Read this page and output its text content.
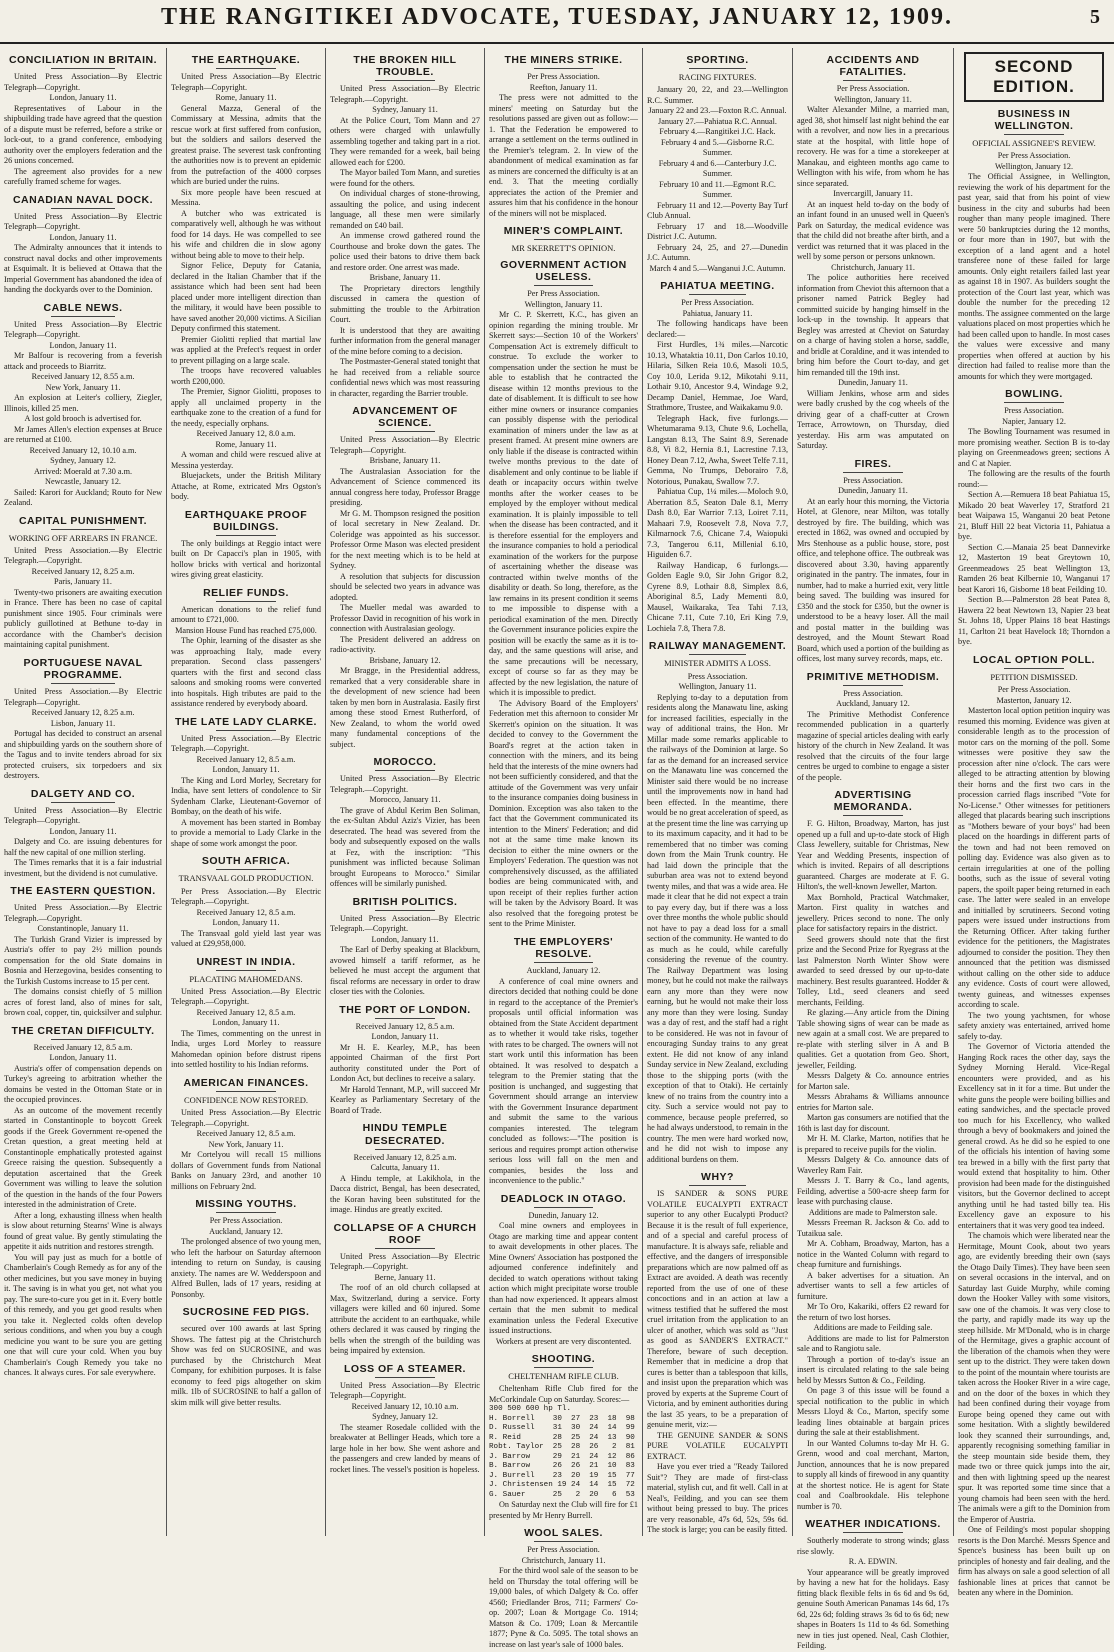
THE RANGITIKEI ADVOCATE, TUESDAY, JANUARY 12, 1909.	5
CONCILIATION IN BRITAIN.
United Press Association—By Electric Telegraph—Copyright.
London, January 11.
Representatives of Labour in the shipbuilding trade have agreed that the question of a dispute must be referred, before a strike or lock-out, to a grand conference, embodying authority over the employers federation and the 26 unions concerned.
The agreement also provides for a new carefully framed scheme for wages.
CANADIAN NAVAL DOCK.
United Press Association—By Electric Telegraph—Copyright.
London, January 11.
The Admiralty announces that it intends to construct naval docks and other improvements at Esquimalt. It is believed at Ottawa that the Imperial Government has abandoned the idea of handing the dockyards over to the Dominion.
CABLE NEWS.
United Press Association—By Electric Telegraph—Copyright.
London, January 11.
Mr Balfour is recovering from a feverish attack and proceeds to Biarritz.
Received January 12, 8.55 a.m.
New York, January 11.
An explosion at Leiter's colliery, Ziegler, Illinois, killed 25 men.
A lost gold brooch is advertised for.
Mr James Allen's election expenses at Bruce are returned at £100.
Received January 12, 10.10 a.m.
Sydney, January 12.
Arrived: Moerald at 7.30 a.m.
Newcastle, January 12.
Sailed: Karori for Auckland; Routo for New Zealand.
CAPITAL PUNISHMENT.
WORKING OFF ARREARS IN FRANCE.
United Press Association.—By Electric Telegraph.—Copyright.
Received January 12, 8.25 a.m.
Paris, January 11.
Twenty-two prisoners are awaiting execution in France. There has been no case of capital punishment since 1905. Four criminals were publicly guillotined at Bethune to-day in accordance with the Chamber's decision maintaining capital punishment.
PORTUGUESE NAVAL PROGRAMME.
United Press Association.—By Electric Telegraph—Copyright.
Received January 12, 8.25 a.m.
Lisbon, January 11.
Portugal has decided to construct an arsenal and shipbuilding yards on the southern shore of the Tagus and to invite tenders abroad for six protected cruisers, six torpedoers and six destroyers.
DALGETY AND CO.
United Press Association—By Electric Telegraph—Copyright.
London, January 11.
Dalgety and Co. are issuing debentures for half the new capital of one million sterling.
The Times remarks that it is a fair industrial investment, but the dividend is not cumulative.
THE EASTERN QUESTION.
United Press Association.—By Electric Telegraph.—Copyright.
Constantinople, January 11.
The Turkish Grand Vizier is impressed by Austria's offer to pay 2½ million pounds compensation for the old State domains in Bosnia and Herzegovina, besides consenting to the Turkish Customs increase to 15 per cent.
The domains consist chiefly of 5 million acres of forest land, also of mines for salt, brown coal, copper, tin, quicksilver and sulphur.
THE CRETAN DIFFICULTY.
Received January 12, 8.5 a.m.
London, January 11.
Austria's offer of compensation depends on Turkey's agreeing to arbitration whether the domains be vested in the Ottoman State or in the occupied provinces.
As an outcome of the movement recently started in Constantinople to boycott Greek goods if the Greek Government re-opened the Cretan question, a great meeting held at Constantinople emphatically protested against Greece raising the question. Subsequently a deputation ascertained that the Greek Government was willing to leave the solution of the question in the hands of the four Powers interested in the administration of Crete.
After a long, exhausting illness when health is slow about returning Stearns' Wine is always found of great value. By gently stimulating the appetite it aids nutrition and restores strength.
You will pay just as much for a bottle of Chamberlain's Cough Remedy as for any of the other medicines, but you save money in buying it. The saving is in what you get, not what you pay. The sure-to-cure you get in it. Every bottle of this remedy, and you get good results when you take it. Neglected colds often develop serious conditions, and when you buy a cough medicine you want to be sure you are getting one that will cure your cold. When you buy Chamberlain's Cough Remedy you take no chances. It always cures. For sale everywhere.
THE EARTHQUAKE.
United Press Association—By Electric Telegraph—Copyright.
Rome, January 11.
General Mazza, General of the Commissary at Messina, admits that the rescue work at first suffered from confusion, but the soldiers and sailors deserved the greatest praise. The severest task confronting the authorities now is to prevent an epidemic from the putrefaction of the 4000 corpses which are buried under the ruins.
Six more people have been rescued at Messina.
A butcher who was extricated is comparatively well, although he was without food for 14 days. He was compelled to see his wife and children die in slow agony without being able to move to their help.
Signor Felice, Deputy for Catania, declared in the Italian Chamber that if the assistance which had been sent had been placed under more intelligent direction than the military, it would have been possible to have saved another 20,000 victims. A Sicilian Deputy confirmed this statement.
Premier Giolitti replied that martial law was applied at the Prefect's request in order to prevent pillaging on a large scale.
The troops have recovered valuables worth £200,000.
The Premier, Signor Giolitti, proposes to apply all unclaimed property in the earthquake zone to the creation of a fund for the needy, especially orphans.
Received January 12, 8.0 a.m.
Rome, January 11.
A woman and child were rescued alive at Messina yesterday.
Bluejackets, under the British Military Attache, at Rome, extricated Mrs Ogston's body.
EARTHQUAKE PROOF BUILDINGS.
The only buildings at Reggio intact were built on Dr Capacci's plan in 1905, with hollow bricks with vertical and horizontal wires giving great elasticity.
RELIEF FUNDS.
American donations to the relief fund amount to £721,000.
Mansion House Fund has reached £75,000.
The Ophir, learning of the disaster as she was approaching Italy, made every preparation. Second class passengers' quarters with the first and second class saloons and smoking rooms were converted into hospitals. High tributes are paid to the assistance rendered by everybody aboard.
THE LATE LADY CLARKE.
United Press Association.—By Electric Telegraph.—Copyright.
Received January 12, 8.5 a.m.
London, January 11.
The King and Lord Morley, Secretary for India, have sent letters of condolence to Sir Sydenham Clarke, Lieutenant-Governor of Bombay, on the death of his wife.
A movement has been started in Bombay to provide a memorial to Lady Clarke in the shape of some work amongst the poor.
SOUTH AFRICA.
TRANSVAAL GOLD PRODUCTION.
Per Press Association.—By Electric Telegraph.—Copyright.
Received January 12, 8.5 a.m.
London, January 11.
The Transvaal gold yield last year was valued at £29,958,000.
UNREST IN INDIA.
PLACATING MAHOMEDANS.
United Press Association.—By Electric Telegraph.—Copyright.
Received January 12, 8.5 a.m.
London, January 11.
The Times, commenting on the unrest in India, urges Lord Morley to reassure Mahomedan opinion before distrust ripens into settled hostility to his Indian reforms.
AMERICAN FINANCES.
CONFIDENCE NOW RESTORED.
United Press Association.—By Electric Telegraph.—Copyright.
Received January 12, 8.5 a.m.
New York, January 11.
Mr Cortelyou will recall 15 millions dollars of Government funds from National Banks on January 23rd, and another 10 millions on February 2nd.
MISSING YOUTHS.
Per Press Association.
Auckland, January 12.
The prolonged absence of two young men, who left the harbour on Saturday afternoon intending to return on Sunday, is causing anxiety. The names are W. Wedderspoon and Alfred Bullen, lads of 17 years, residing at Ponsonby.
SUCROSINE FED PIGS.
secured over 100 awards at last Spring Shows. The fattest pig at the Christchurch Show was fed on SUCROSINE, and was purchased by the Christchurch Meat Company, for exhibition purposes. It is false economy to feed pigs altogether on skim milk. 1lb of SUCROSINE to half a gallon of skim milk will give better results.
THE BROKEN HILL TROUBLE.
United Press Association—By Electric Telegraph.—Copyright.
Sydney, January 11.
At the Police Court, Tom Mann and 27 others were charged with unlawfully assembling together and taking part in a riot. They were remanded for a week, bail being allowed each for £200.
The Mayor bailed Tom Mann, and sureties were found for the others.
On individual charges of stone-throwing, assaulting the police, and using indecent language, all these men were similarly remanded on £40 bail.
An immense crowd gathered round the Courthouse and broke down the gates. The police used their batons to drive them back and restore order. One arrest was made.
Brisbane, January 11.
The Proprietary directors lengthily discussed in camera the question of submitting the trouble to the Arbitration Court.
It is understood that they are awaiting further information from the general manager of the mine before coming to a decision.
The Postmaster-General stated tonight that he had received from a reliable source confidential news which was most reassuring in character, regarding the Barrier trouble.
ADVANCEMENT OF SCIENCE.
United Press Association—By Electric Telegraph—Copyright.
Brisbane, January 11.
The Australasian Association for the Advancement of Science commenced its annual congress here today, Professor Bragge presiding.
Mr G. M. Thompson resigned the position of local secretary in New Zealand. Dr. Coleridge was appointed as his successor. Professor Orme Mason was elected president for the next meeting which is to be held at Sydney.
A resolution that subjects for discussion should be selected two years in advance was adopted.
The Mueller medal was awarded to Professor David in recognition of his work in connection with Australasian geology.
The President delivered an address on radio-activity.
Brisbane, January 12.
Mr Bragge, in the Presidential address, remarked that a very considerable share in the development of new science had been taken by men born in Australasia. Easily first among these stood Ernest Rutherford, of New Zealand, to whom the world owed many fundamental conceptions of the subject.
MOROCCO.
United Press Association—By Electric Telegraph.—Copyright.
Morocco, January 11.
The grave of Abdul Kerim Ben Soliman, the ex-Sultan Abdul Aziz's Vizier, has been desecrated. The head was severed from the body and subsequently exposed on the walls at Fez, with the inscription: "This punishment was inflicted because Soliman brought Europeans to Morocco." Similar offences will be similarly punished.
BRITISH POLITICS.
United Press Association—By Electric Telegraph.—Copyright.
London, January 11.
The Earl of Derby speaking at Blackburn, avowed himself a tariff reformer, as he believed he must accept the argument that fiscal reforms are necessary in order to draw closer ties with the Colonies.
THE PORT OF LONDON.
Received January 12, 8.5 a.m.
London, January 11.
Mr H. E. Kearley, M.P., has been appointed Chairman of the first Port authority constituted under the Port of London Act, but declines to receive a salary.
Mr Harold Tennant, M.P., will succeed Mr Kearley as Parliamentary Secretary of the Board of Trade.
HINDU TEMPLE DESECRATED.
Received January 12, 8.25 a.m.
Calcutta, January 11.
A Hindu temple, at Lakikhola, in the Dacca district, Bengal, has been desecrated, the Koran having been substituted for the image. Hindus are greatly excited.
COLLAPSE OF A CHURCH ROOF
United Press Association—By Electric Telegraph.—Copyright.
Berne, January 11.
The roof of an old church collapsed at Max, Switzerland, during a service. Forty villagers were killed and 60 injured. Some attribute the accident to an earthquake, while others declared it was caused by ringing the bells when the strength of the building was being impaired by extension.
LOSS OF A STEAMER.
United Press Association—By Electric Telegraph—Copyright.
Received January 12, 10.10 a.m.
Sydney, January 12.
The steamer Rosedale collided with the breakwater at Bellinger Heads, which tore a large hole in her bow. She went ashore and the passengers and crew landed by means of rocket lines. The vessel's position is hopeless.
THE MINERS STRIKE.
Per Press Association.
Reefton, January 11.
The press were not admitted to the miners' meeting on Saturday but the resolutions passed are given out as follow:—1. That the Federation be empowered to arrange a settlement on the terms outlined in the Premier's telegram. 2. In view of the abandonment of medical examination as far as miners are concerned the difficulty is at an end. 3. That the meeting cordially appreciates the action of the Premier and assures him that his confidence in the honour of the miners will not be misplaced.
MINER'S COMPLAINT.
MR SKERRETT'S OPINION.
GOVERNMENT ACTION USELESS.
Per Press Association.
Wellington, January 11.
Mr C. P. Skerrett, K.C., has given an opinion regarding the mining trouble. Mr Skerrett says:—Section 10 of the Workers' Compensation Act is extremely difficult to construe. To exclude the worker to compensation under the section he must be able to establish that he contracted the disease within 12 months previous to the date of disablement. It is difficult to see how either mine owners or insurance companies can possibly dispense with the periodical examination of miners under the law as at present framed. At present mine owners are only liable if the disease is contracted within twelve months previous to the date of disablement and only continue to be liable if death or incapacity occurs within twelve months after the worker ceases to be employed by the employer without medical examination. It is plainly impossible to tell when the disease has been contracted, and it is therefore essential for the employers and the insurance companies to hold a periodical examination of the workers for the purpose of ascertaining whether the disease was contracted within twelve months of the disability or death. So long, therefore, as the law remains in its present condition it seems to me impossible to dispense with a periodical examination of the men. Directly the Government insurance policies expire the position will be exactly the same as it is to-day, and the same questions will arise, and the same precautions will be necessary, except of course so far as they may be affected by the new legislation, the nature of which it is impossible to predict.
The Advisory Board of the Employers' Federation met this afternoon to consider Mr Skerrett's opinion on the situation. It was decided to convey to the Government the Board's regret at the action taken in connection with the miners, and its being held that the interests of the mine owners had not been sufficiently considered, and that the attitude of the Government was very unfair to the insurance companies doing business in Dominion. Exception was also taken to the fact that the Government communicated its intention to the Miners' Federation; and did not at the same time make known its decision to either the mine owners or the Employers' Federation. The question was not comprehensively discussed, as the affiliated bodies are being communicated with, and upon receipt of their replies further action will be taken by the Advisory Board. It was also resolved that the foregoing protest be sent to the Prime Minister.
THE EMPLOYERS' RESOLVE.
Auckland, January 12.
A conference of coal mine owners and directors decided that nothing could be done in regard to the acceptance of the Premier's proposals until official information was obtained from the State Accident department as to whether it would take risks, together with rates to be charged. The owners will not start work until this information has been obtained. It was resolved to despatch a telegram to the Premier stating that the position is unchanged, and suggesting that Government should arrange an interview with the Government Insurance department and submit the same to the various companies interested. The telegram concluded as follows:—"The position is serious and requires prompt action otherwise serious loss will fall on the men and companies, besides the loss and inconvenience to the public."
DEADLOCK IN OTAGO.
Dunedin, January 12.
Coal mine owners and employees in Otago are marking time and appear content to await developments in other places. The Mine Owners' Association has postponed the adjourned conference indefinitely and decided to watch operations without taking action which might precipitate worse trouble than had now experienced. It appears almost certain that the men submit to medical examination unless the Federal Executive issued instructions.
Workers at present are very discontented.
SHOOTING.
CHELTENHAM RIFLE CLUB.
Cheltenham Rifle Club fired for the McCorkindale Cup on Saturday. Scores:—
300 500 600 hp Tl.
H. Borrell    30  27  23  18  98
D. Russell    31  30  24  14  99
R. Reid       28  25  24  13  90
Robt. Taylor  25  28  26   2  81
J. Barrow     29  21  24  12  86
B. Barrow     26  26  21  10  83
J. Burrell    23  20  19  15  77
J. Christensen 19 24  14  15  72
G. Sauer      25   2  20   6  53
On Saturday next the Club will fire for £1 presented by Mr Henry Burrell.
WOOL SALES.
Per Press Association.
Christchurch, January 11.
For the third wool sale of the season to be held on Thursday the total offering will be 19,000 bales, of which Dalgety & Co. offer 4560; Friedlander Bros, 711; Farmers' Co-op. 2007; Loan & Mortgage Co. 1914; Matson & Co. 1709; Loan & Mercantile 1877; Pyne & Co. 5095. The total shows an increase on last year's sale of 1000 bales.
SPORTING.
RACING FIXTURES.
January 20, 22, and 23.—Wellington R.C. Summer.
January 22 and 23.—Foxton R.C. Annual.
January 27.—Pahiatua R.C. Annual.
February 4.—Rangitikei J.C. Hack.
February 4 and 5.—Gisborne R.C. Summer.
February 4 and 6.—Canterbury J.C. Summer.
February 10 and 11.—Egmont R.C. Summer.
February 11 and 12.—Poverty Bay Turf Club Annual.
February 17 and 18.—Woodville District J.C. Autumn.
February 24, 25, and 27.—Dunedin J.C. Autumn.
March 4 and 5.—Wanganui J.C. Autumn.
PAHIATUA MEETING.
Per Press Association.
Pahiatua, January 11.
The following handicaps have been declared:—
First Hurdles, 1¾ miles.—Narcotic 10.13, Whataktia 10.11, Don Carlos 10.10, Hilaria, Silken Reia 10.6, Masoli 10.5, Coy 10.0, Lerida 9.12, Mikotahi 9.11, Lothair 9.10, Ancestor 9.4, Windage 9.2, Decamp Daniel, Hemmae, Joe Ward, Strathmore, Trustee, and Waikakamu 9.0.
Telegraph Hack, five furlongs.—Whetumarama 9.13, Chute 9.6, Lochella, Langstan 8.13, The Saint 8.9, Serenade 8.8, Vi 8.2, Hernia 8.1, Lacrestine 7.13, Honey Dean 7.12, Awha, Sweet Telfe 7.11, Gemma, No Trumps, Deborairo 7.8, Notorious, Punakau, Swallow 7.7.
Pahiatua Cup, 1¼ miles.—Moloch 9.0, Aberration 8.5, Seaton Dale 8.1, Merry Dash 8.0, Ear Warrior 7.13, Loiret 7.11, Mahaari 7.9, Roosevelt 7.8, Nova 7.7, Kilmarnock 7.6, Chicane 7.4, Waiopuki 7.3, Tangerou 6.11, Millenial 6.10, Higuiden 6.7.
Railway Handicap, 6 furlongs.—Golden Eagle 9.0, Sir John Grigor 8.2, Cyrene 8.9, Lothair 8.8, Simplex 8.6, Aboriginal 8.5, Lady Mementi 8.0, Mausel, Waikaraka, Tea Tahi 7.13, Chicane 7.11, Cute 7.10, Eri King 7.9, Lochiela 7.8, Thera 7.8.
RAILWAY MANAGEMENT.
MINISTER ADMITS A LOSS.
Press Association.
Wellington, January 11.
Replying to-day to a deputation from residents along the Manawatu line, asking for increased facilities, especially in the way of additional trains, the Hon. Mr Millar made some remarks applicable to the railways of the Dominion at large. So far as the demand for an increased service on the Manawatu line was concerned the Minister said there would be no increase until the improvements now in hand had been effected. In the meantime, there would be no great acceleration of speed, as at the present time the line was carrying up to its maximum capacity, and it had to be remembered that no timber was coming down from the Main Trunk country. He had laid down the principle that the suburban area was not to extend beyond twenty miles, and that was a wide area. He made it clear that he did not expect a train to pay every day, but if there was a loss over three months the whole public should not have to pay a dead loss for a small section of the community. He wanted to do as much as he could, while carefully considering the revenue of the country. The Railway Department was losing money, but he could not make the railways earn any more than they were now earning, but he would not make their loss any more than they were losing. Sunday was a day of rest, and the staff had a right to be considered. He was not in favour of encouraging Sunday trains to any great extent. He did not know of any inland Sunday service in New Zealand, excluding those to the shipping ports (with the exception of that to Otaki). He certainly knew of no trains from the country into a city. Such a service would not pay to commence, because people preferred, so he had always understood, to remain in the country. The men were hard worked now, and he did not wish to impose any additional burdens on them.
WHY?
IS SANDER & SONS PURE VOLATILE EUCALYPTI EXTRACT superior to any other Eucalypti Product? Because it is the result of full experience, and of a special and careful process of manufacture. It is always safe, reliable and effective, and the dangers of irresponsible preparations which are now palmed off as Extract are avoided. A death was recently reported from the use of one of these concoctions and in an action at law a witness testified that he suffered the most cruel irritation from the application to an ulcer of another, which was sold as "Just as good as SANDER'S EXTRACT." Therefore, beware of such deception. Remember that in medicine a drop that cures is better than a tablespoon that kills, and insist upon the preparation which was proved by experts at the Supreme Court of Victoria, and by eminent authorities during the last 35 years, to be a preparation of genuine merit, viz:—
THE GENUINE SANDER & SONS PURE VOLATILE EUCALYPTI EXTRACT.
Have you ever tried a "Ready Tailored Suit"? They are made of first-class material, stylish cut, and fit well. Call in at Neal's, Feilding, and you can see them without being pressed to buy. The prices are very reasonable, 47s 6d, 52s, 59s 6d. The stock is large; you can be easily fitted.
ACCIDENTS AND FATALITIES.
Per Press Association.
Wellington, January 11.
Walter Alexander Milne, a married man, aged 38, shot himself last night behind the ear with a revolver, and now lies in a precarious state at the hospital, with little hope of recovery. He was for a time a storekeeper at Manakau, and eighteen months ago came to Wellington with his wife, from whom he has since separated.
Invercargill, January 11.
At an inquest held to-day on the body of an infant found in an unused well in Queen's Park on Saturday, the medical evidence was that the child did not breathe after birth, and a verdict was returned that it was placed in the well by some person or persons unknown.
Christchurch, January 11.
The police authorities here received information from Cheviot this afternoon that a prisoner named Patrick Begley had committed suicide by hanging himself in the lock-up in the township. It appears that Begley was arrested at Cheviot on Saturday on a charge of having stolen a horse, saddle, and bridle at Coraldine, and it was intended to bring him before the Court to-day, and get him remanded till the 19th inst.
Dunedin, January 11.
William Jenkins, whose arm and sides were badly crushed by the cog wheels of the driving gear of a chaff-cutter at Crown Terrace, Arrowtown, on Thursday, died yesterday. His arm was amputated on Saturday.
FIRES.
Press Association.
Dunedin, January 11.
At an early hour this morning, the Victoria Hotel, at Glenore, near Milton, was totally destroyed by fire. The building, which was erected in 1862, was owned and occupied by Mrs Stenhouse as a public house, store, post office, and telephone office. The outbreak was discovered about 3.30, having apparently originated in the pantry. The inmates, four in number, had to make a hurried exit, very little being saved. The building was insured for £350 and the stock for £350, but the owner is understood to be a heavy loser. All the mail and postal matter in the building was destroyed, and the Mount Stewart Road Board, which used a portion of the building as offices, lost many survey records, maps, etc.
PRIMITIVE METHODISM.
Press Association.
Auckland, January 12.
The Primitive Methodist Conference recommended publication in a quarterly magazine of special articles dealing with early history of the church in New Zealand. It was resolved that the circuits of the four large centres be urged to combine to engage a sister of the people.
ADVERTISING MEMORANDA.
F. G. Hilton, Broadway, Marton, has just opened up a full and up-to-date stock of High Class Jewellery, suitable for Christmas, New Year and Wedding Presents, inspection of which is invited. Repairs of all descriptions guaranteed. Charges are moderate at F. G. Hilton's, the well-known Jeweller, Marton.
Max Bornhold, Practical Watchmaker, Marton. First quality in watches and jewellery. Prices second to none. The only place for satisfactory repairs in the district.
Seed growers should note that the first prize and the Second Prize for Ryegrass at the last Palmerston North Winter Show were awarded to seed dressed by our up-to-date machinery. Best results guaranteed. Hodder & Tolley, Ltd., seed cleaners and seed merchants, Feilding.
Re glazing.—Any article from the Dining Table showing signs of wear can be made as new again at a small cost. We are prepared to re-plate with sterling silver in A and B qualities. Get a quotation from Geo. Short, jeweller, Feilding.
Messrs Dalgety & Co. announce entries for Marton sale.
Messrs Abrahams & Williams announce entries for Marton sale.
Marton gas consumers are notified that the 16th is last day for discount.
Mr H. M. Clarke, Marton, notifies that he is prepared to receive pupils for the violin.
Messrs Dalgety & Co. announce dats of Waverley Ram Fair.
Messrs J. T. Barry & Co., land agents, Feilding, advertise a 500-acre sheep farm for lease with purchasing clause.
Additions are made to Palmerston sale.
Messrs Freeman R. Jackson & Co. add to Tutaikua sale.
Mr A. Cobham, Broadway, Marton, has a notice in the Wanted Column with regard to cheap furniture and furnishings.
A baker advertises for a situation. An advertiser wants to sell a few articles of furniture.
Mr To Oro, Kakariki, offers £2 reward for the return of two lost horses.
Additions are made to Feilding sale.
Additions are made to list for Palmerston sale and to Rangiotu sale.
Through a portion of to-day's issue an insert is circulated relating to the sale being held by Messrs Sutton & Co., Feilding.
On page 3 of this issue will be found a special notification to the public in which Messrs Lloyd & Co., Marton, specify some leading lines obtainable at bargain prices during the sale at their establishment.
In our Wanted Columns to-day Mr H. G. Grenn, wood and coal merchant, Marton, Junction, announces that he is now prepared to supply all kinds of firewood in any quantity at the shortest notice. He is agent for State coal and Coalbrookdale. His telephone number is 70.
WEATHER INDICATIONS.
Southerly moderate to strong winds; glass rise slowly.
R. A. EDWIN.
Your appearance will be greatly improved by having a new hat for the holidays. Easy fitting black flexible felts in 6s 6d and 9s 6d, genuine South American Panamas 14s 6d, 17s 6d, 22s 6d; folding straws 3s 6d to 6s 6d; new shapes in Boaters 1s 11d to 4s 6d. Something new in ties just opened. Neal, Cash Clothier, Feilding.
SECOND EDITION.
BUSINESS IN WELLINGTON.
OFFICIAL ASSIGNEE'S REVIEW.
Per Press Association.
Wellington, January 12.
The Official Assignee, in Wellington, reviewing the work of his department for the past year, said that from his point of view business in the city and suburbs had been rougher than many people imagined. There were 50 bankruptcies during the 12 months, or four more than in 1907, but with the exception of a land agent and a hotel transferee none of these failed for large amounts. Only eight retailers failed last year as against 18 in 1907. As builders sought the protection of the Court last year, which was double the number for the preceding 12 months. The assignee commented on the large valuations placed on most properties which he had been called upon to handle. In most cases the values were excessive and many properties when offered at auction by his direction had failed to realise more than the amounts for which they were mortgaged.
BOWLING.
Press Association.
Napier, January 12.
The Bowling Tournament was resumed in more promising weather. Section B is to-day playing on Greenmeadows green; sections A and C at Napier.
The following are the results of the fourth round:—
Section A.—Remuera 18 beat Pahiatua 15, Mikado 20 beat Waverley 17, Stratford 21 beat Waipawa 15, Wanganui 20 beat Petone 21, Bluff Hill 22 beat Victoria 11, Pahiatua a bye.
Section C.—Manaia 25 beat Dannevirke 12, Masterton 19 beat Greytown 10, Greenmeadows 25 beat Wellington 13, Ramden 26 beat Kilbernie 10, Wanganui 17 beat Karori 16, Gisborne 18 beat Feilding 10.
Section B.—Palmerston 28 beat Patea 8, Hawera 22 beat Newtown 13, Napier 23 beat St. Johns 18, Upper Plains 18 beat Hastings 11, Carlton 21 beat Havelock 18; Thorndon a bye.
LOCAL OPTION POLL.
PETITION DISMISSED.
Per Press Association.
Masterton, January 12.
Masterton local option petition inquiry was resumed this morning. Evidence was given at considerable length as to the procession of motor cars on the morning of the poll. Some witnesses were positive they saw the procession after nine o'clock. The cars were alleged to be attracting attention by blowing their horns and the first two cars in the procession carried flags inscribed "Vote for No-License." Other witnesses for petitioners alleged that placards bearing such inscriptions as "Mothers beware of your boys" had been placed on the hoardings in different parts of the town and had not been removed on polling day. Evidence was also given as to certain irregularities at one of the polling booths, such as the issue of several voting papers, the spoilt paper being returned in each case. The latter were sealed in an envelope and initialled by scrutineers. Second voting papers were issued under instructions from the Returning Officer. After taking further evidence for the petitioners, the Magistrates adjourned to consider the position. They then announced that the petition was dismissed without calling on the other side to adduce any evidence. Costs of court were allowed, twenty guineas, and witnesses expenses according to scale.
The two young yachtsmen, for whose safety anxiety was entertained, arrived home safely to-day.
The Governor of Victoria attended the Hanging Rock races the other day, says the Sydney Morning Herald. Vice-Regal encounters were provided, and as his Excellency sat in it for a time. But under the white guns the people were boiling billies and eating sandwiches, and the spectacle proved too much for his Excellency, who walked through a bevy of bookmakers and joined the general crowd. As he did so he espied to one of the officials his intention of having some tea brewed in a billy with the first party that would extend that hospitality to him. Other provision had been made for the distinguished visitors, but the Governor declined to accept anything until he had tasted billy tea. His Excellency gave an exposure to his entertainers that it was very good tea indeed.
The chamois which were liberated near the Hermitage, Mount Cook, about two years ago, are evidently breeding their own (says the Otago Daily Times). They have been seen on several occasions in the interval, and on Saturday last Guide Murphy, while coming down the Hooker Valley with some visitors, saw one of the chamois. It was very close to the party, and rapidly made its way up the steep hillside. Mr M'Donald, who is in charge of the Hermitage, gives a graphic account of the liberation of the chamois when they were sent up to the district. They were taken down to the point of the mountain where tourists are taken across the Hooker River in a wire cage, and on the door of the boxes in which they had been confined during their voyage from Europe being opened they came out with some hesitation. With a slightly bewildered look they scanned their surroundings, and, apparently recognising something familiar in the steep mountain side beside them, they made two or three quick jumps into the air, and then with lightning speed up the nearest spur. It was reported some time since that a young chamois had been seen with the herd. The animals were a gift to the Dominion from the Emperor of Austria.
One of Feilding's most popular shopping resorts is the Don Marché. Messrs Spence and Spence's business has been built up on principles of honesty and fair dealing, and the firm has always on sale a good selection of all fashionable lines at prices that cannot be beaten any where in the Dominion.
